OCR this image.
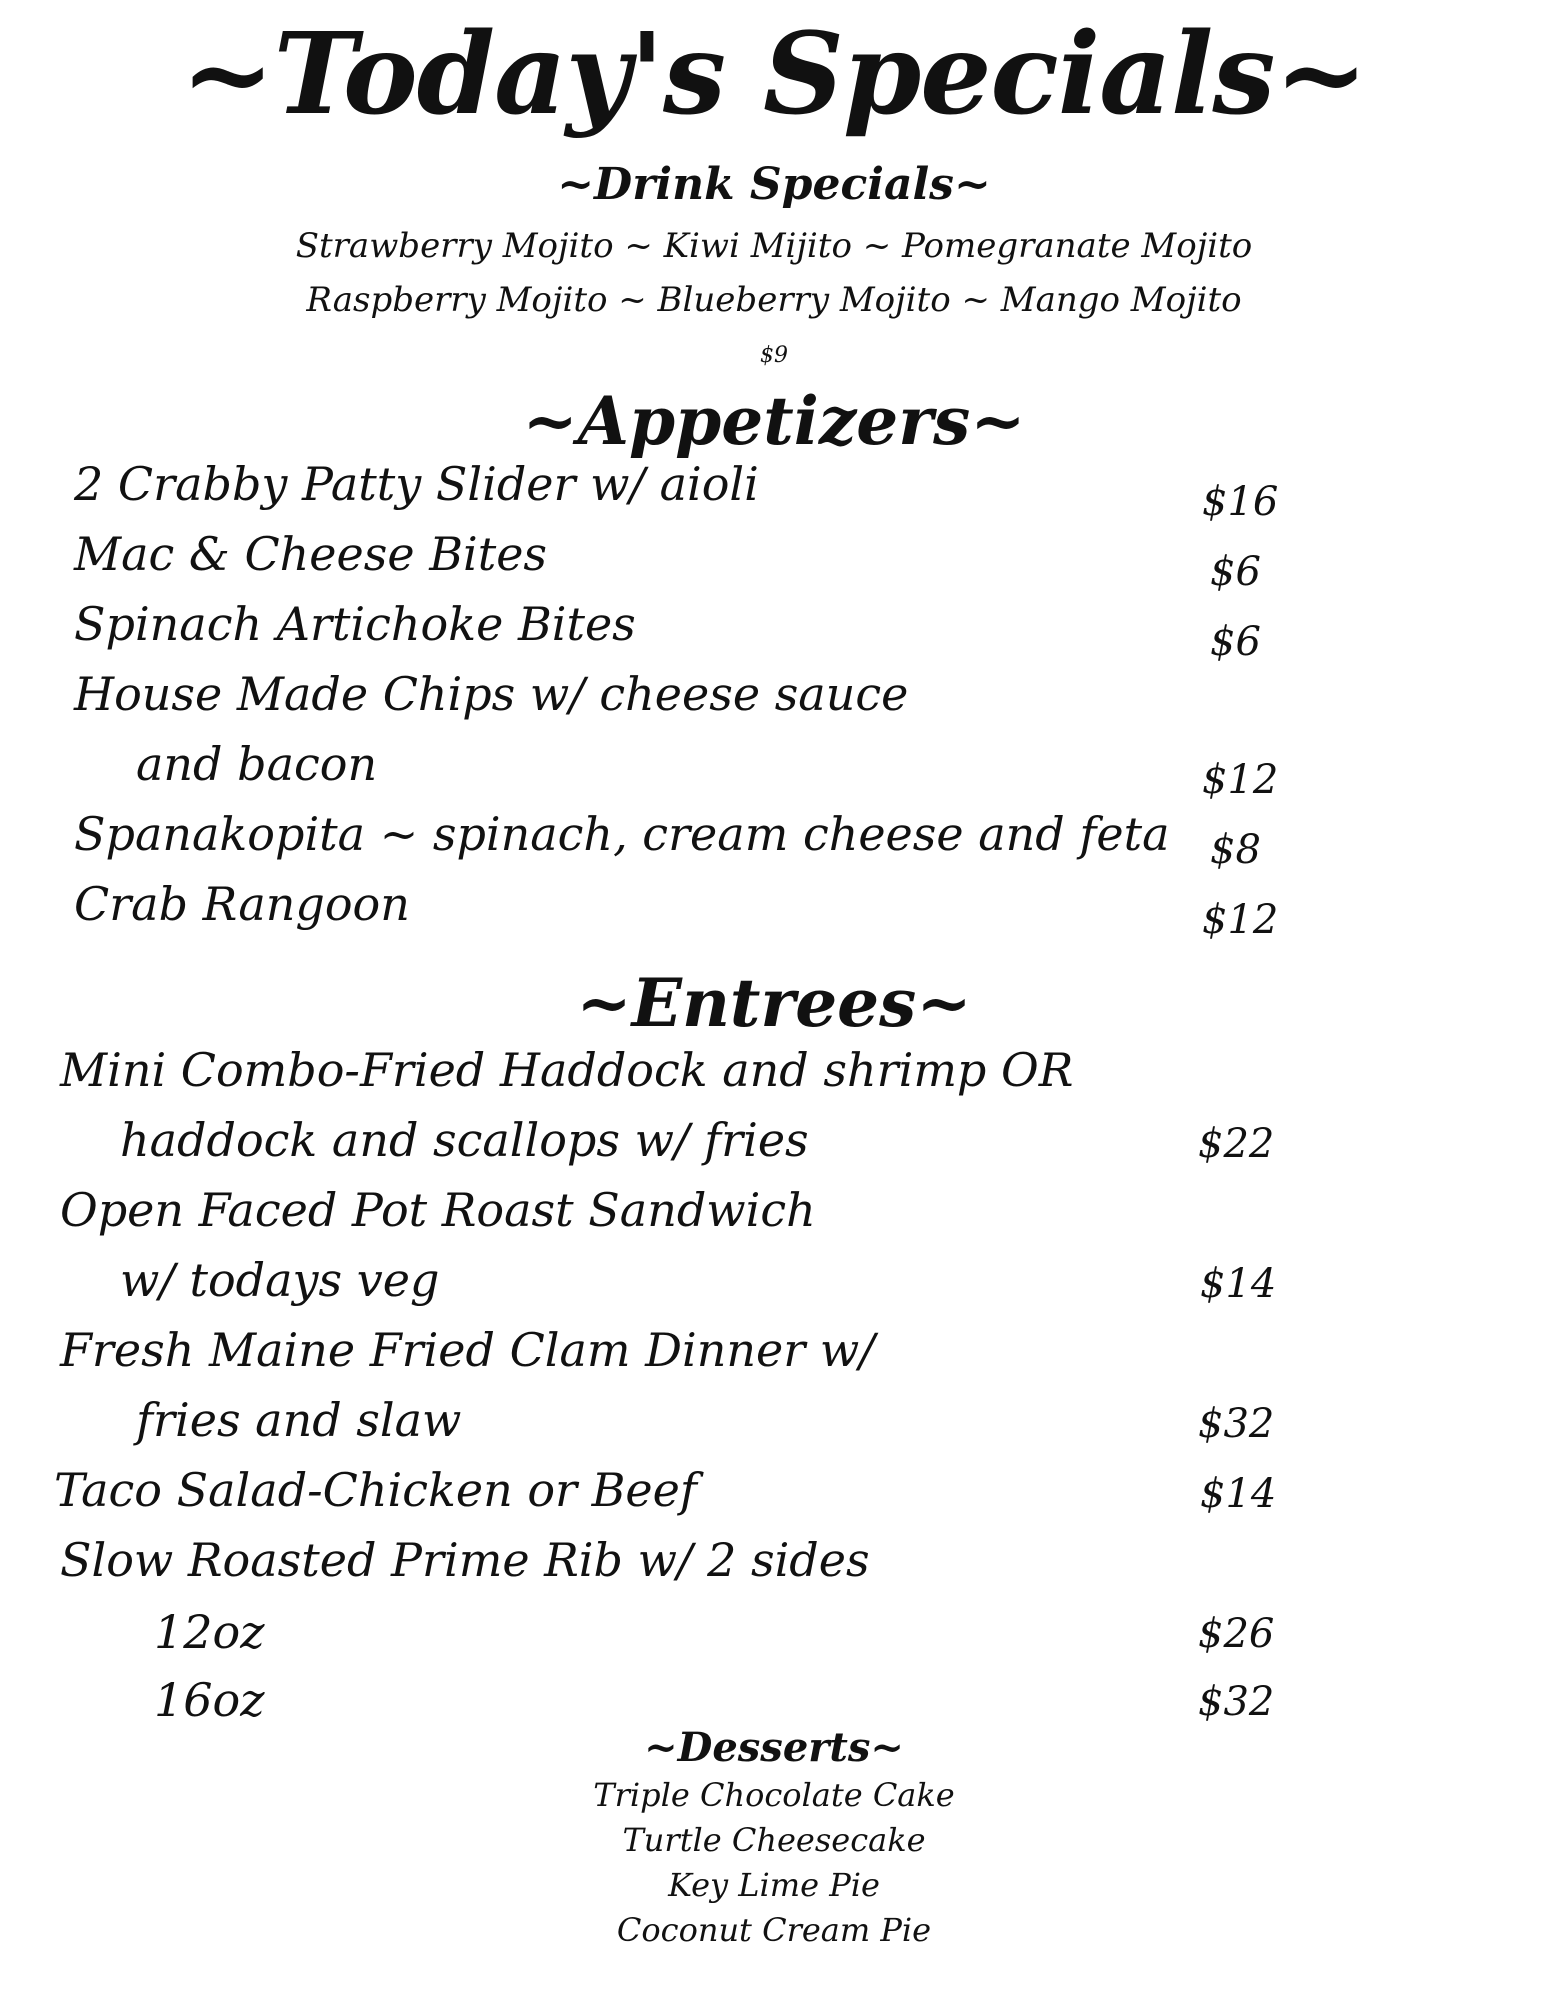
~Today's Specials~
~Drink Specials~
Strawberry Mojito ~ Kiwi Mijito ~ Pomegranate Mojito
Raspberry Mojito ~ Blueberry Mojito ~ Mango Mojito
$9
~Appetizers~
2 Crabby Patty Slider w/ aioli	$16
Mac & Cheese Bites	$6
Spinach Artichoke Bites	$6
House Made Chips w/ cheese sauce
and bacon	$12
Spanakopita ~ spinach, cream cheese and feta $8
Crab Rangoon	$12
~Entrees~
Mini Combo-Fried Haddock and shrimp OR
haddock and scallops w/ fries	$22
Open Faced Pot Roast Sandwich
w/ todays veg	$14
Fresh Maine Fried Clam Dinner w/
fries and slaw	$32
Taco Salad-Chicken or Beef	$14
Slow Roasted Prime Rib w/ 2 sides
12oz	$26
16oz	$32
~Desserts~
Triple Chocolate Cake
Turtle Cheesecake
Key Lime Pie
Coconut Cream Pie
